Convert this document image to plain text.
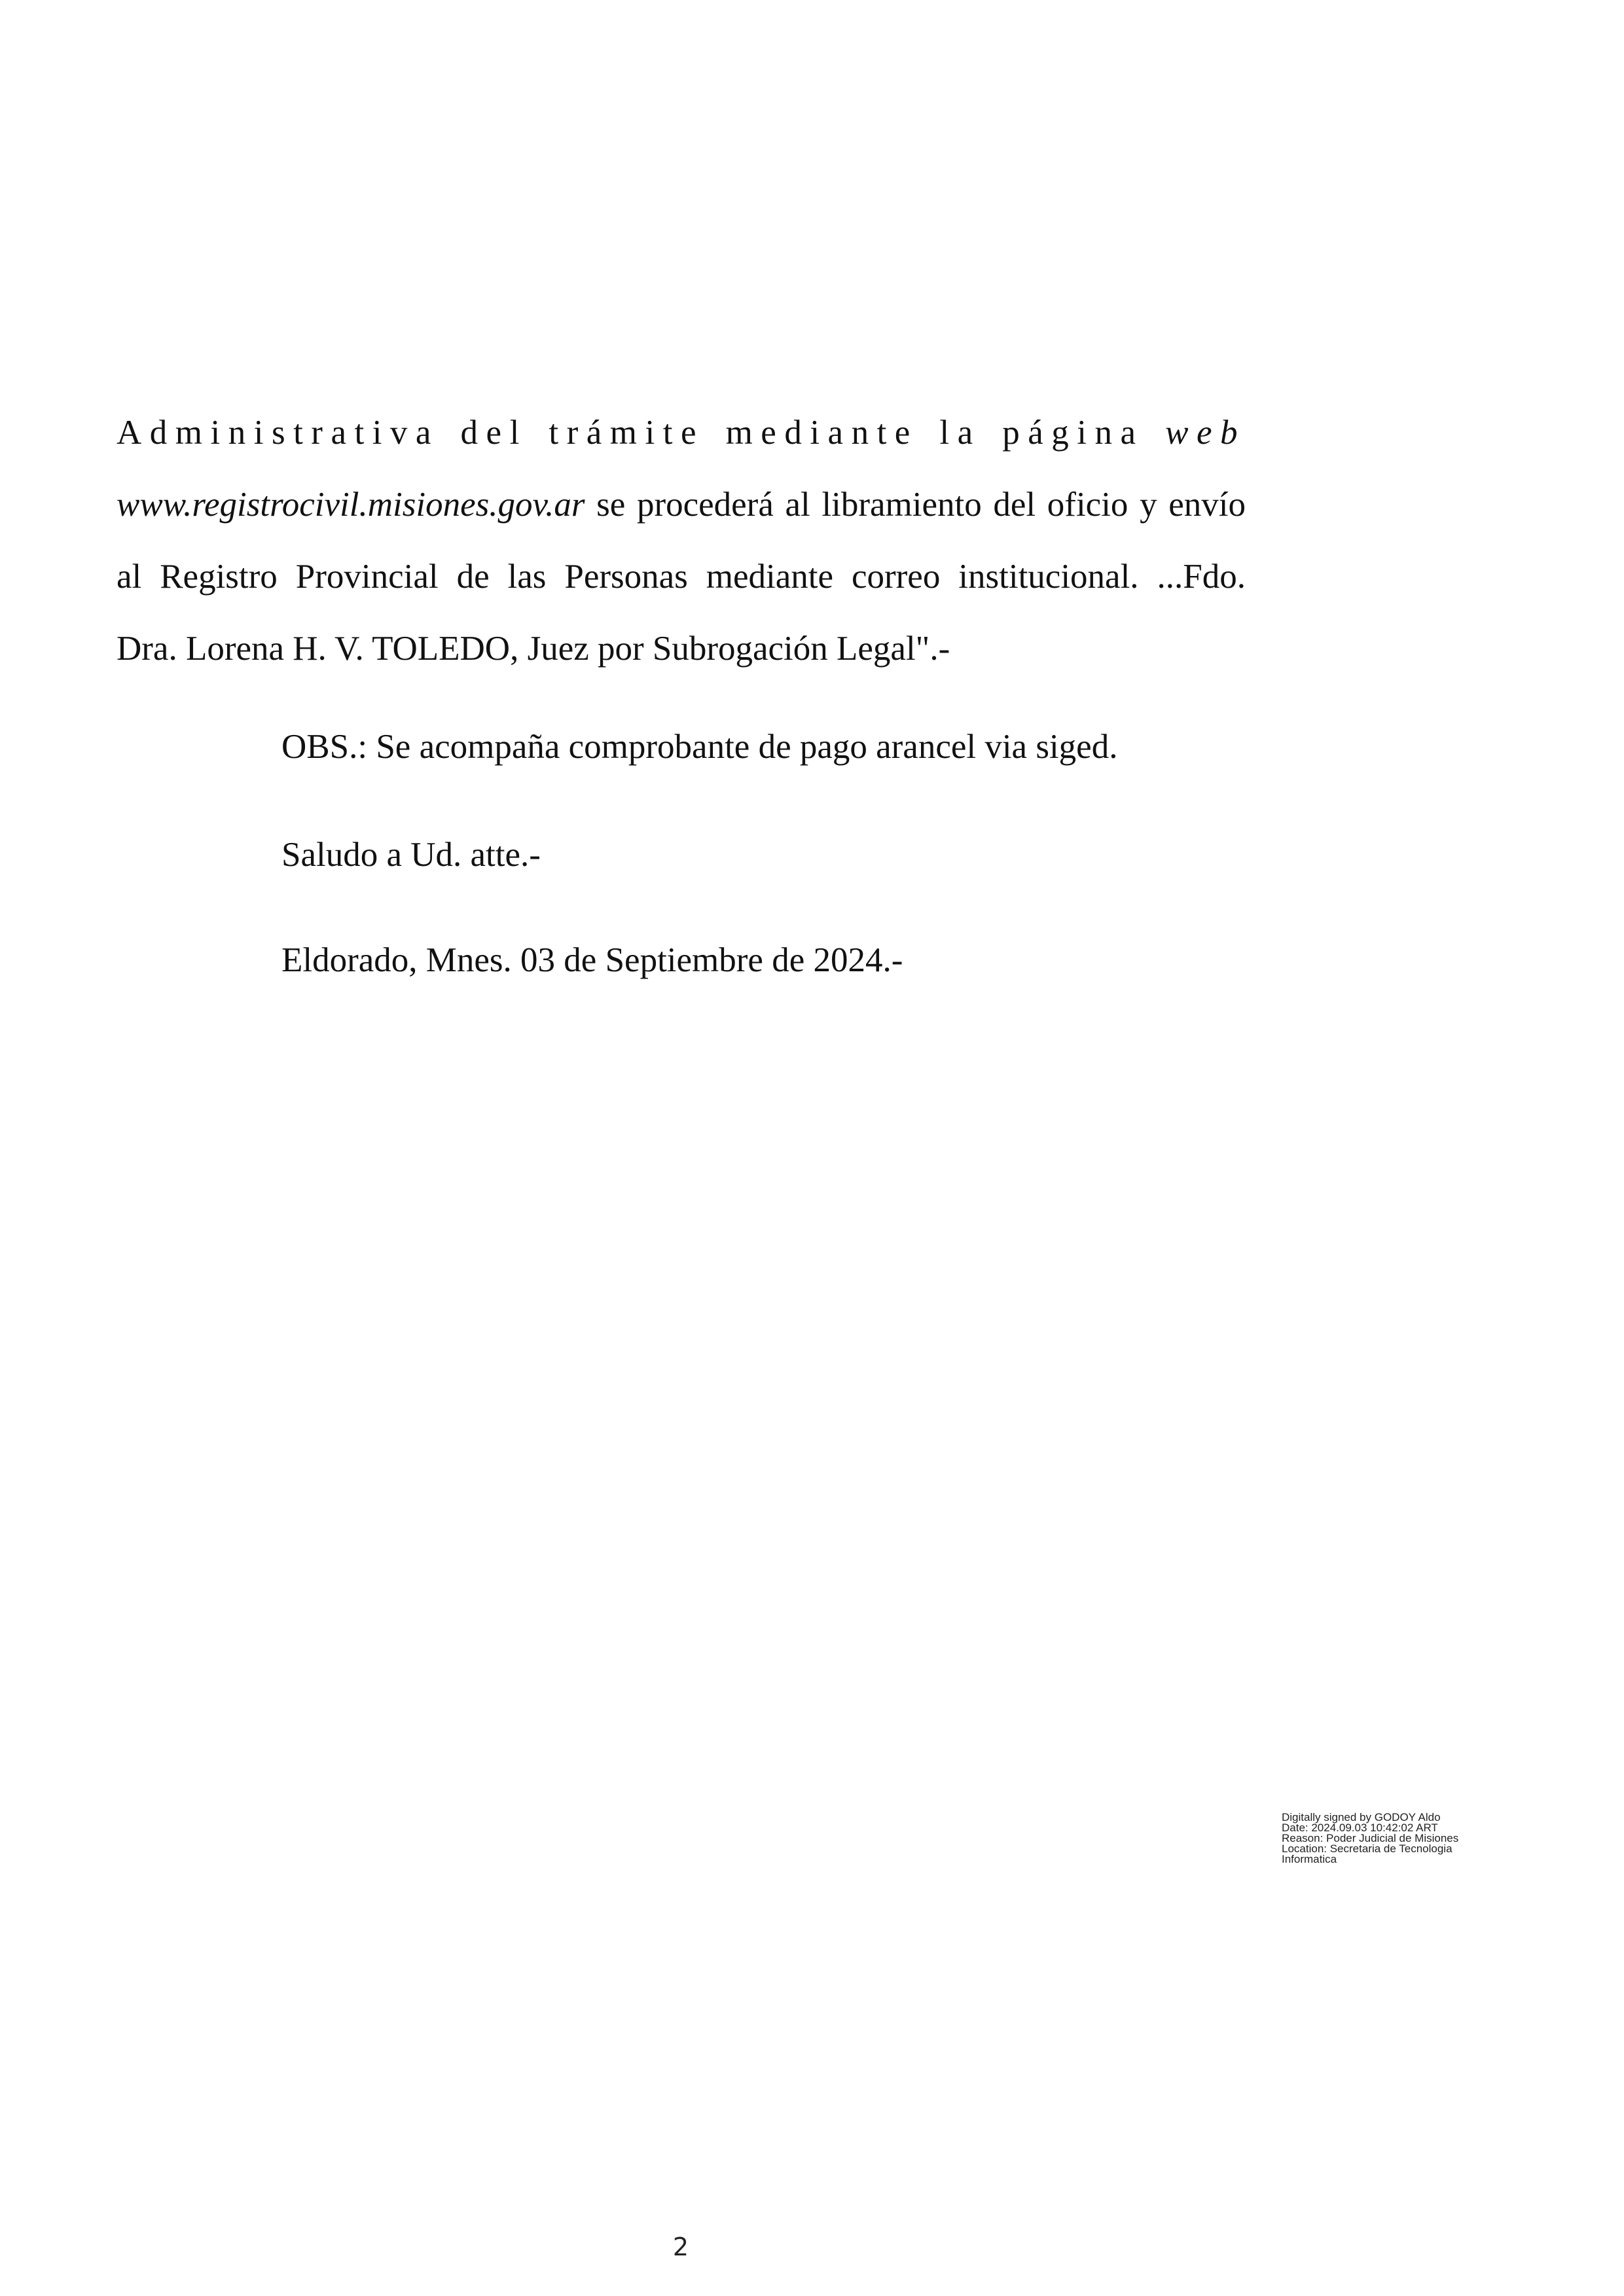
Administrativa del trámite mediante la página web
www.registrocivil.misiones.gov.ar se procederá al libramiento del oficio y envío
al Registro Provincial de las Personas mediante correo institucional. ...Fdo.
Dra. Lorena H. V. TOLEDO, Juez por Subrogación Legal".-
OBS.: Se acompaña comprobante de pago arancel via siged.
Saludo a Ud. atte.-
Eldorado, Mnes. 03 de Septiembre de 2024.-
Digitally signed by GODOY Aldo
Date: 2024.09.03 10:42:02 ART
Reason: Poder Judicial de Misiones
Location: Secretaria de Tecnologia
Informatica
2
